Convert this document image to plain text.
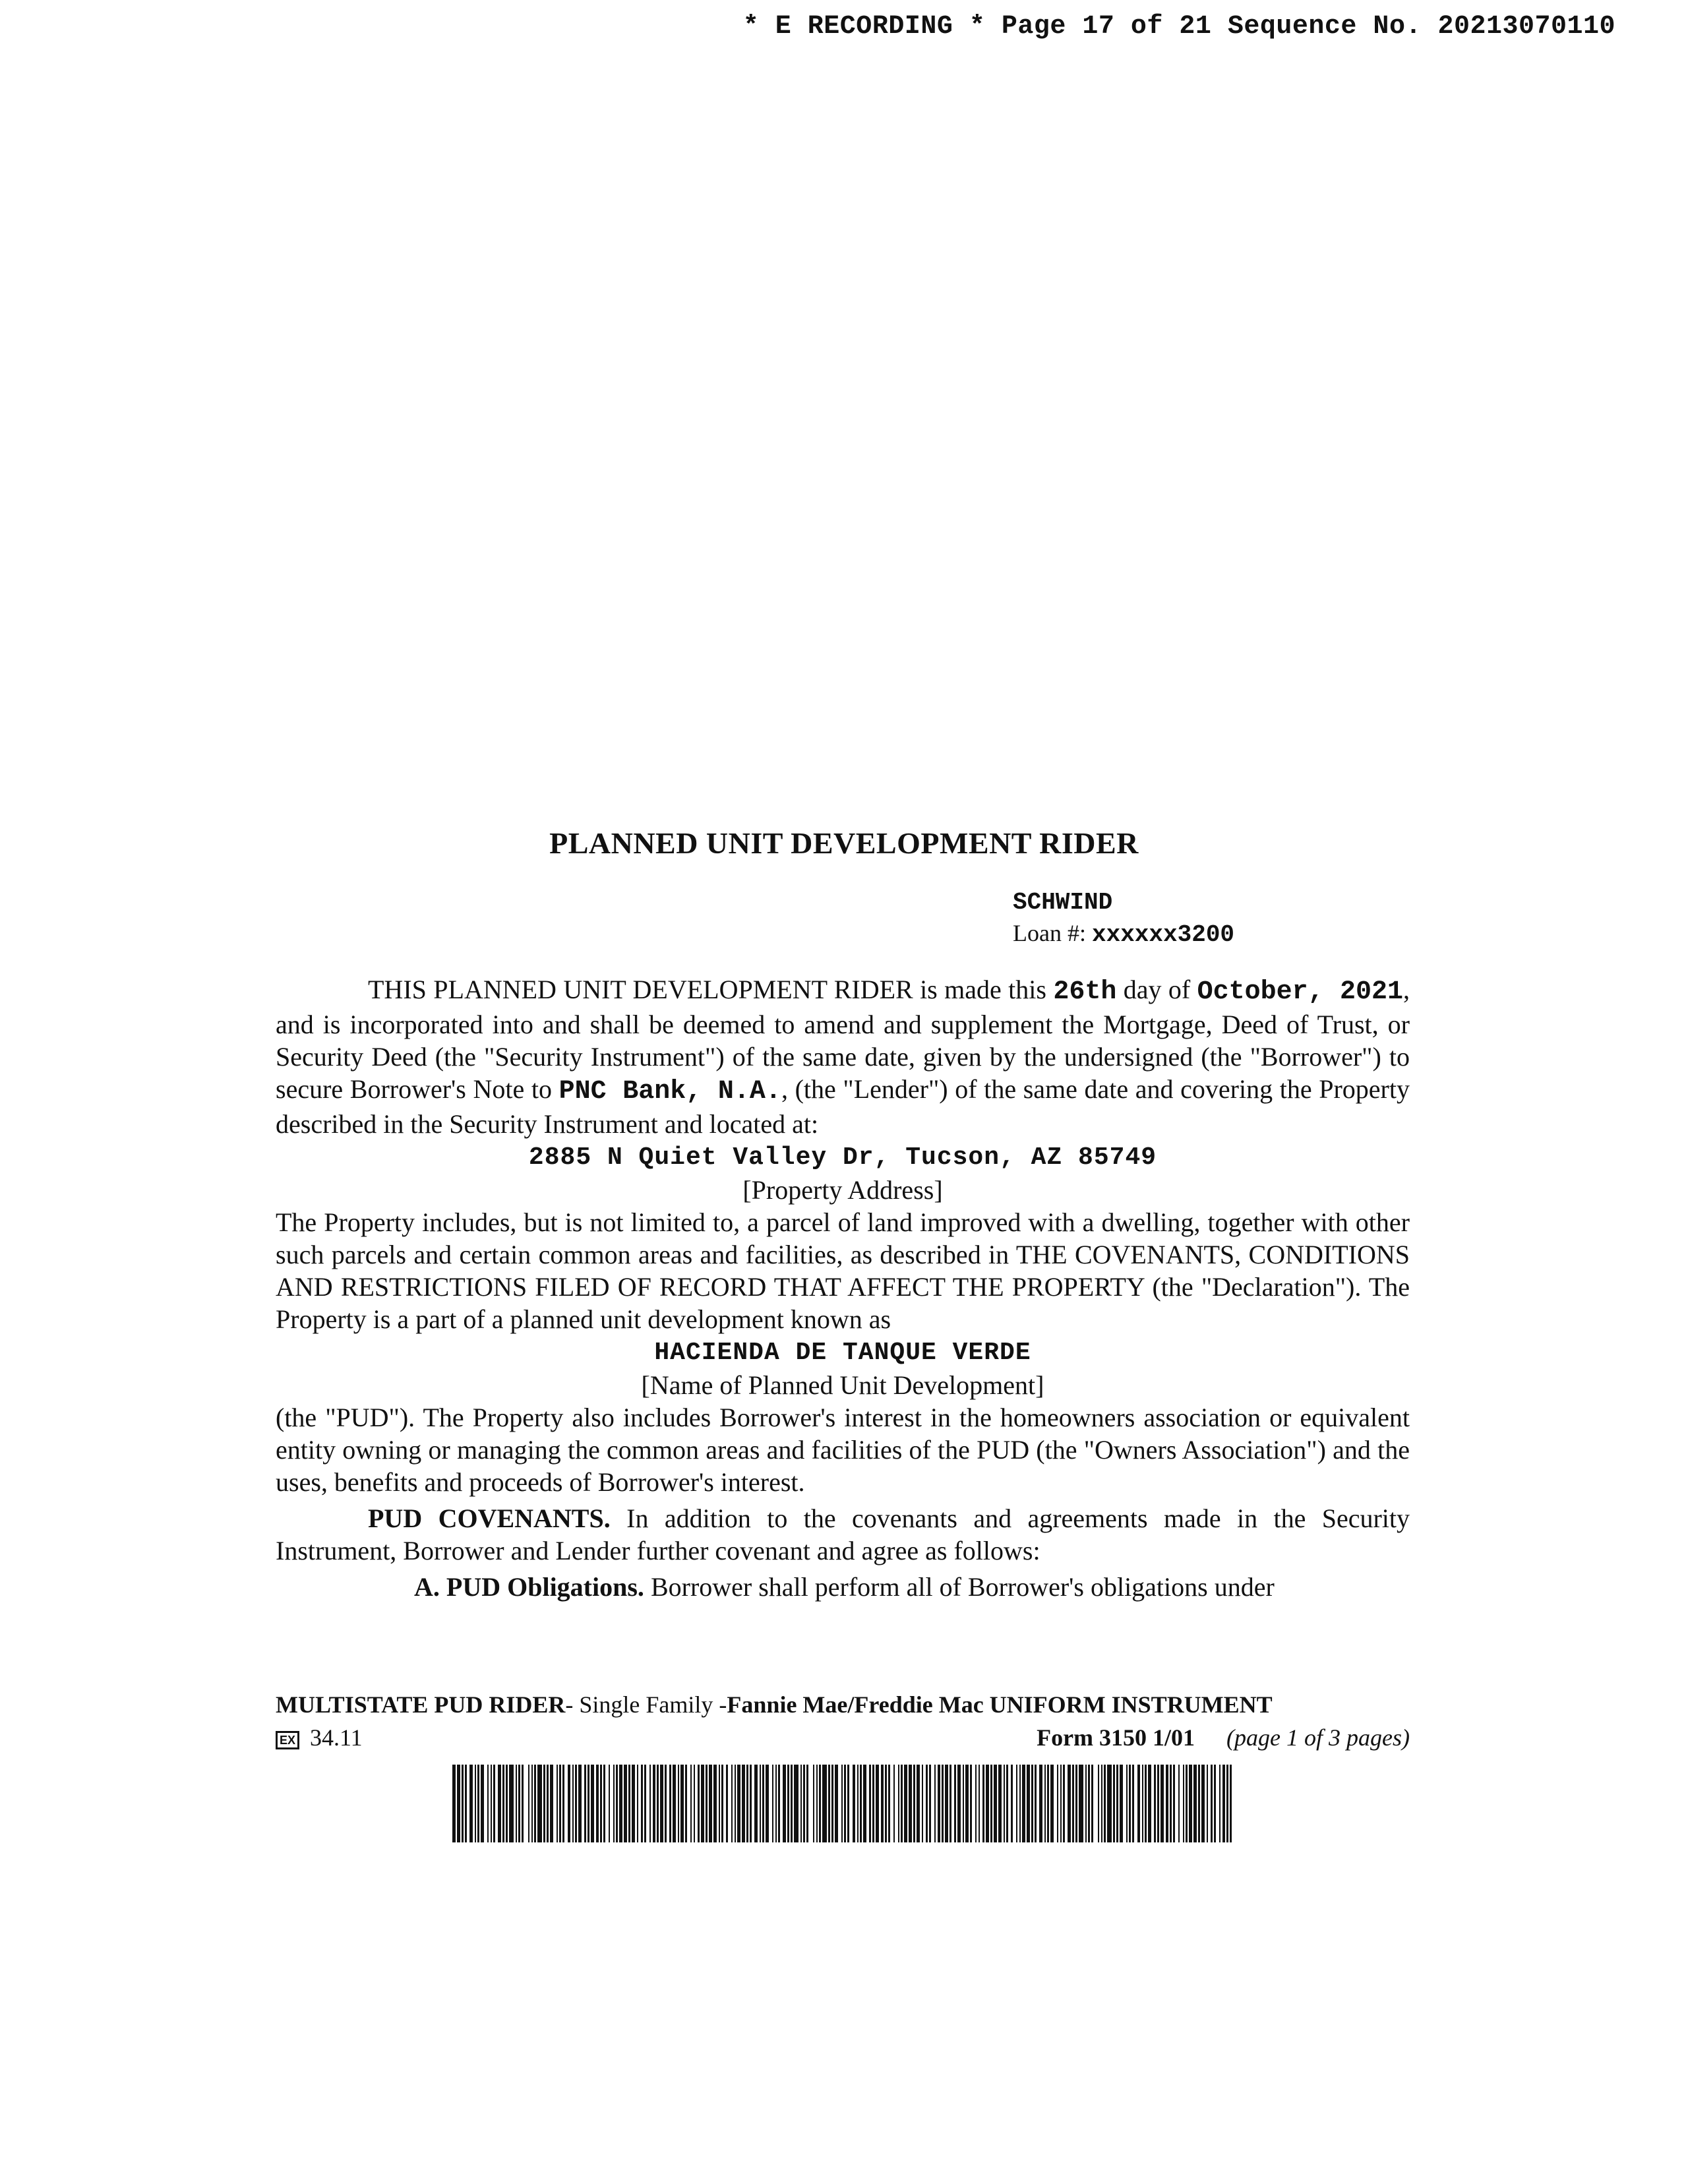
* E RECORDING * Page 17 of 21 Sequence No. 20213070110
PLANNED UNIT DEVELOPMENT RIDER
SCHWIND
Loan #: xxxxxx3200

THIS PLANNED UNIT DEVELOPMENT RIDER is made this 26th day of October, 2021, and is incorporated into and shall be deemed to amend and supplement the Mortgage, Deed of Trust, or Security Deed (the "Security Instrument") of the same date, given by the undersigned (the "Borrower") to secure Borrower's Note to PNC Bank, N.A., (the "Lender") of the same date and covering the Property described in the Security Instrument and located at:

2885 N Quiet Valley Dr, Tucson, AZ 85749

[Property Address]

The Property includes, but is not limited to, a parcel of land improved with a dwelling, together with other such parcels and certain common areas and facilities, as described in THE COVENANTS, CONDITIONS AND RESTRICTIONS FILED OF RECORD THAT AFFECT THE PROPERTY (the "Declaration"). The Property is a part of a planned unit development known as

HACIENDA DE TANQUE VERDE

[Name of Planned Unit Development]

(the "PUD"). The Property also includes Borrower's interest in the homeowners association or equivalent entity owning or managing the common areas and facilities of the PUD (the "Owners Association") and the uses, benefits and proceeds of Borrower's interest.

PUD COVENANTS. In addition to the covenants and agreements made in the Security Instrument, Borrower and Lender further covenant and agree as follows:

A. PUD Obligations. Borrower shall perform all of Borrower's obligations under

MULTISTATE PUD RIDER- Single Family -Fannie Mae/Freddie Mac UNIFORM INSTRUMENT
EX 34.11	Form 3150 1/01 (page 1 of 3 pages)
